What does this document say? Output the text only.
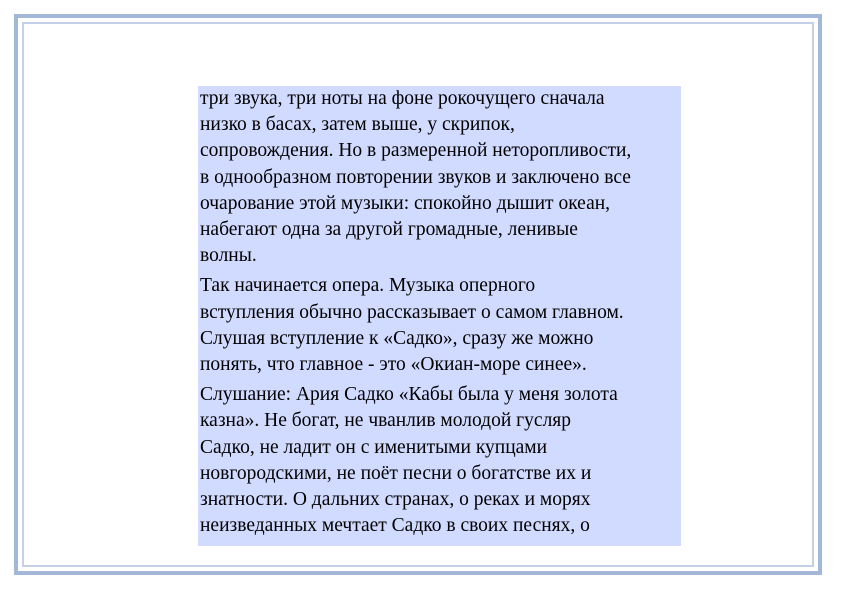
три звука, три ноты на фоне рокочущего сначала
низко в басах, затем выше, у скрипок,
сопровождения. Но в размеренной неторопливости,
в однообразном повторении звуков и заключено все
очарование этой музыки: спокойно дышит океан,
набегают одна за другой громадные, ленивые
волны.

Так начинается опера. Музыка оперного
вступления обычно рассказывает о самом главном.
Слушая вступление к «Садко», сразу же можно
понять, что главное - это «Окиан-море синее».

Слушание: Ария Садко «Кабы была у меня золота
казна». Не богат, не чванлив молодой гусляр
Садко, не ладит он с именитыми купцами
новгородскими, не поёт песни о богатстве их и
знатности. О дальних странах, о реках и морях
неизведанных мечтает Садко в своих песнях, о
